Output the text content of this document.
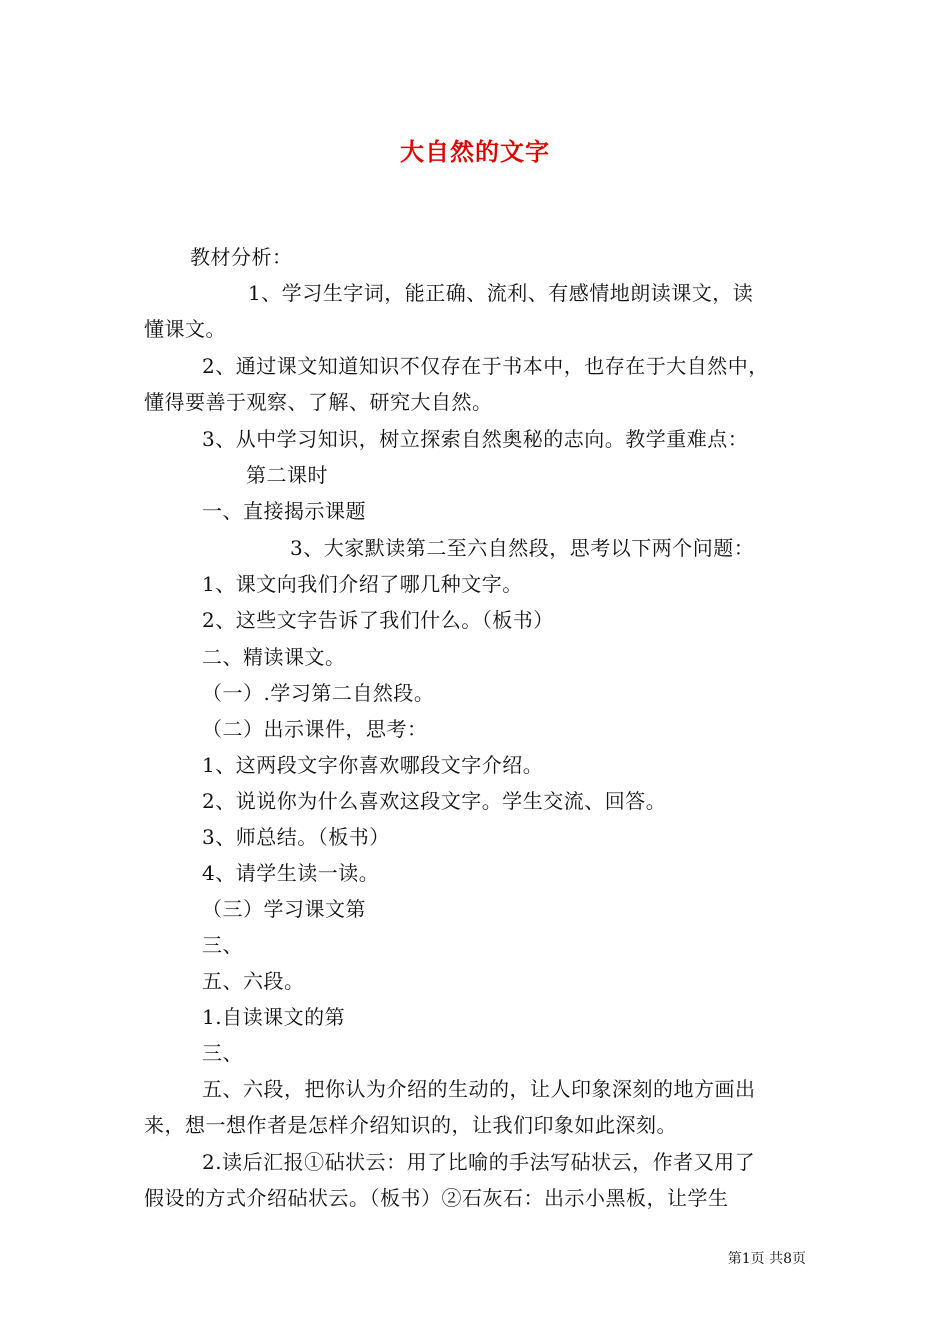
大自然的文字
教材分析：
1、学习生字词，能正确、流利、有感情地朗读课文，读
懂课文。
2、通过课文知道知识不仅存在于书本中，也存在于大自然中，
懂得要善于观察、了解、研究大自然。
3、从中学习知识，树立探索自然奥秘的志向。教学重难点：
第二课时
一、直接揭示课题
3、大家默读第二至六自然段，思考以下两个问题：
1、课文向我们介绍了哪几种文字。
2、这些文字告诉了我们什么。（板书）
二、精读课文。
（一）.学习第二自然段。
（二）出示课件，思考：
1、这两段文字你喜欢哪段文字介绍。
2、说说你为什么喜欢这段文字。学生交流、回答。
3、师总结。（板书）
4、请学生读一读。
（三）学习课文第
三、
五、六段。
1.自读课文的第
三、
五、六段，把你认为介绍的生动的，让人印象深刻的地方画出
来，想一想作者是怎样介绍知识的，让我们印象如此深刻。
2.读后汇报①砧状云：用了比喻的手法写砧状云，作者又用了
假设的方式介绍砧状云。（板书）②石灰石：出示小黑板，让学生
第1页 共8页
